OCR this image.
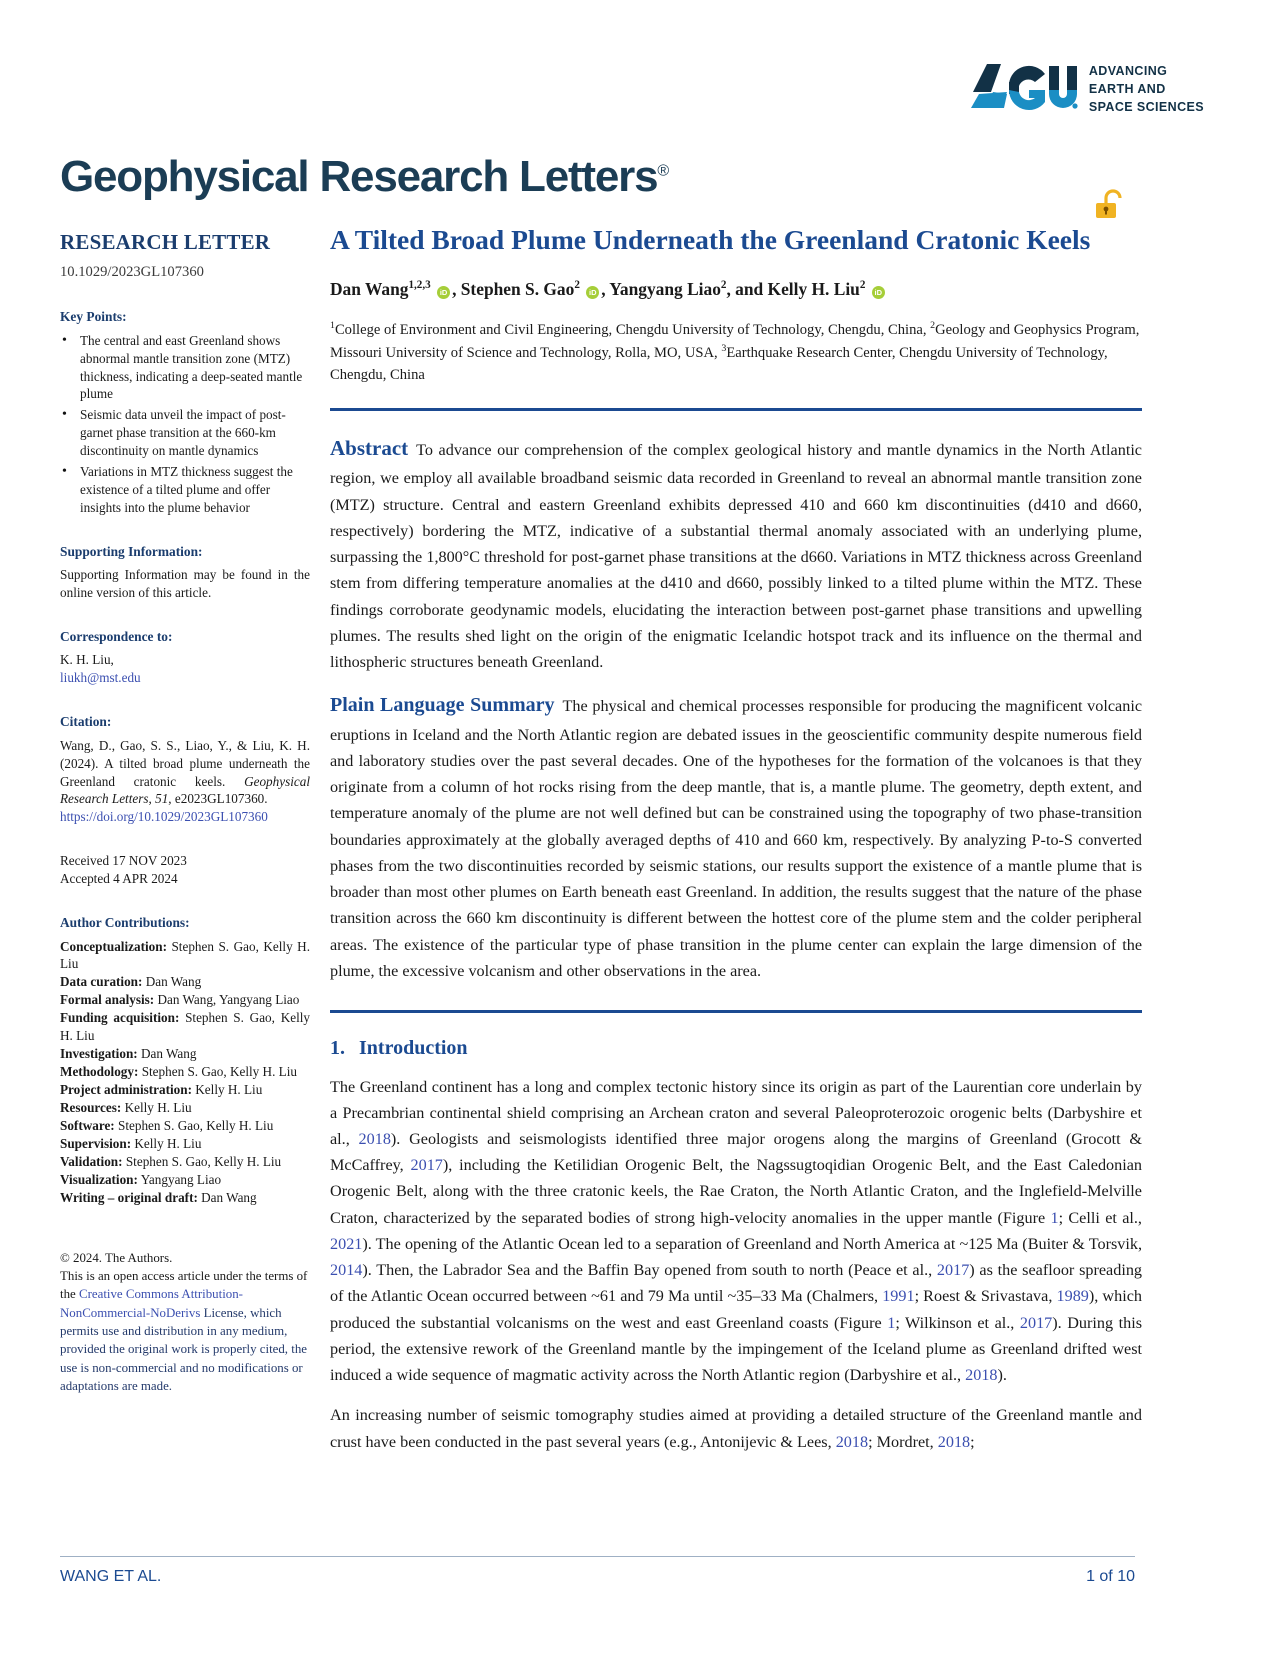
ADVANCING
EARTH AND
SPACE SCIENCES
Geophysical Research Letters®
RESEARCH LETTER
10.1029/2023GL107360
Key Points:
• The central and east Greenland shows abnormal mantle transition zone (MTZ) thickness, indicating a deep-seated mantle plume
• Seismic data unveil the impact of post-garnet phase transition at the 660-km discontinuity on mantle dynamics
• Variations in MTZ thickness suggest the existence of a tilted plume and offer insights into the plume behavior
Supporting Information:

Supporting Information may be found in the online version of this article.

Correspondence to:

K. H. Liu,

liukh@mst.edu

Citation:

Wang, D., Gao, S. S., Liao, Y., & Liu, K. H. (2024). A tilted broad plume underneath the Greenland cratonic keels. Geophysical Research Letters, 51, e2023GL107360.

https://doi.org/10.1029/2023GL107360

Received 17 NOV 2023

Accepted 4 APR 2024

Author Contributions:

Conceptualization: Stephen S. Gao, Kelly H. Liu

Data curation: Dan Wang

Formal analysis: Dan Wang, Yangyang Liao

Funding acquisition: Stephen S. Gao, Kelly H. Liu

Investigation: Dan Wang

Methodology: Stephen S. Gao, Kelly H. Liu

Project administration: Kelly H. Liu

Resources: Kelly H. Liu

Software: Stephen S. Gao, Kelly H. Liu

Supervision: Kelly H. Liu

Validation: Stephen S. Gao, Kelly H. Liu

Visualization: Yangyang Liao

Writing – original draft: Dan Wang

© 2024. The Authors.
This is an open access article under the terms of the Creative Commons Attribution-NonCommercial-NoDerivs License, which permits use and distribution in any medium, provided the original work is properly cited, the use is non-commercial and no modifications or adaptations are made.
A Tilted Broad Plume Underneath the Greenland Cratonic Keels
Dan Wang$^{1,2,3}$ iD , Stephen S. Gao$^2$ iD , Yangyang Liao$^2$, and Kelly H. Liu$^2$ iD

$^1$College of Environment and Civil Engineering, Chengdu University of Technology, Chengdu, China, $^2$Geology and Geophysics Program, Missouri University of Science and Technology, Rolla, MO, USA, $^3$Earthquake Research Center, Chengdu University of Technology, Chengdu, China

Abstract To advance our comprehension of the complex geological history and mantle dynamics in the North Atlantic region, we employ all available broadband seismic data recorded in Greenland to reveal an abnormal mantle transition zone (MTZ) structure. Central and eastern Greenland exhibits depressed 410 and 660 km discontinuities (d410 and d660, respectively) bordering the MTZ, indicative of a substantial thermal anomaly associated with an underlying plume, surpassing the 1,800°C threshold for post-garnet phase transitions at the d660. Variations in MTZ thickness across Greenland stem from differing temperature anomalies at the d410 and d660, possibly linked to a tilted plume within the MTZ. These findings corroborate geodynamic models, elucidating the interaction between post-garnet phase transitions and upwelling plumes. The results shed light on the origin of the enigmatic Icelandic hotspot track and its influence on the thermal and lithospheric structures beneath Greenland.

Plain Language Summary The physical and chemical processes responsible for producing the magnificent volcanic eruptions in Iceland and the North Atlantic region are debated issues in the geoscientific community despite numerous field and laboratory studies over the past several decades. One of the hypotheses for the formation of the volcanoes is that they originate from a column of hot rocks rising from the deep mantle, that is, a mantle plume. The geometry, depth extent, and temperature anomaly of the plume are not well defined but can be constrained using the topography of two phase-transition boundaries approximately at the globally averaged depths of 410 and 660 km, respectively. By analyzing P-to-S converted phases from the two discontinuities recorded by seismic stations, our results support the existence of a mantle plume that is broader than most other plumes on Earth beneath east Greenland. In addition, the results suggest that the nature of the phase transition across the 660 km discontinuity is different between the hottest core of the plume stem and the colder peripheral areas. The existence of the particular type of phase transition in the plume center can explain the large dimension of the plume, the excessive volcanism and other observations in the area.

1. Introduction

The Greenland continent has a long and complex tectonic history since its origin as part of the Laurentian core underlain by a Precambrian continental shield comprising an Archean craton and several Paleoproterozoic orogenic belts (Darbyshire et al., 2018). Geologists and seismologists identified three major orogens along the margins of Greenland (Grocott & McCaffrey, 2017), including the Ketilidian Orogenic Belt, the Nagssugtoqidian Orogenic Belt, and the East Caledonian Orogenic Belt, along with the three cratonic keels, the Rae Craton, the North Atlantic Craton, and the Inglefield-Melville Craton, characterized by the separated bodies of strong high-velocity anomalies in the upper mantle (Figure 1; Celli et al., 2021). The opening of the Atlantic Ocean led to a separation of Greenland and North America at ~125 Ma (Buiter & Torsvik, 2014). Then, the Labrador Sea and the Baffin Bay opened from south to north (Peace et al., 2017) as the seafloor spreading of the Atlantic Ocean occurred between ~61 and 79 Ma until ~35–33 Ma (Chalmers, 1991; Roest & Srivastava, 1989), which produced the substantial volcanisms on the west and east Greenland coasts (Figure 1; Wilkinson et al., 2017). During this period, the extensive rework of the Greenland mantle by the impingement of the Iceland plume as Greenland drifted west induced a wide sequence of magmatic activity across the North Atlantic region (Darbyshire et al., 2018).

An increasing number of seismic tomography studies aimed at providing a detailed structure of the Greenland mantle and crust have been conducted in the past several years (e.g., Antonijevic & Lees, 2018; Mordret, 2018;

WANG ET AL.	1 of 10
